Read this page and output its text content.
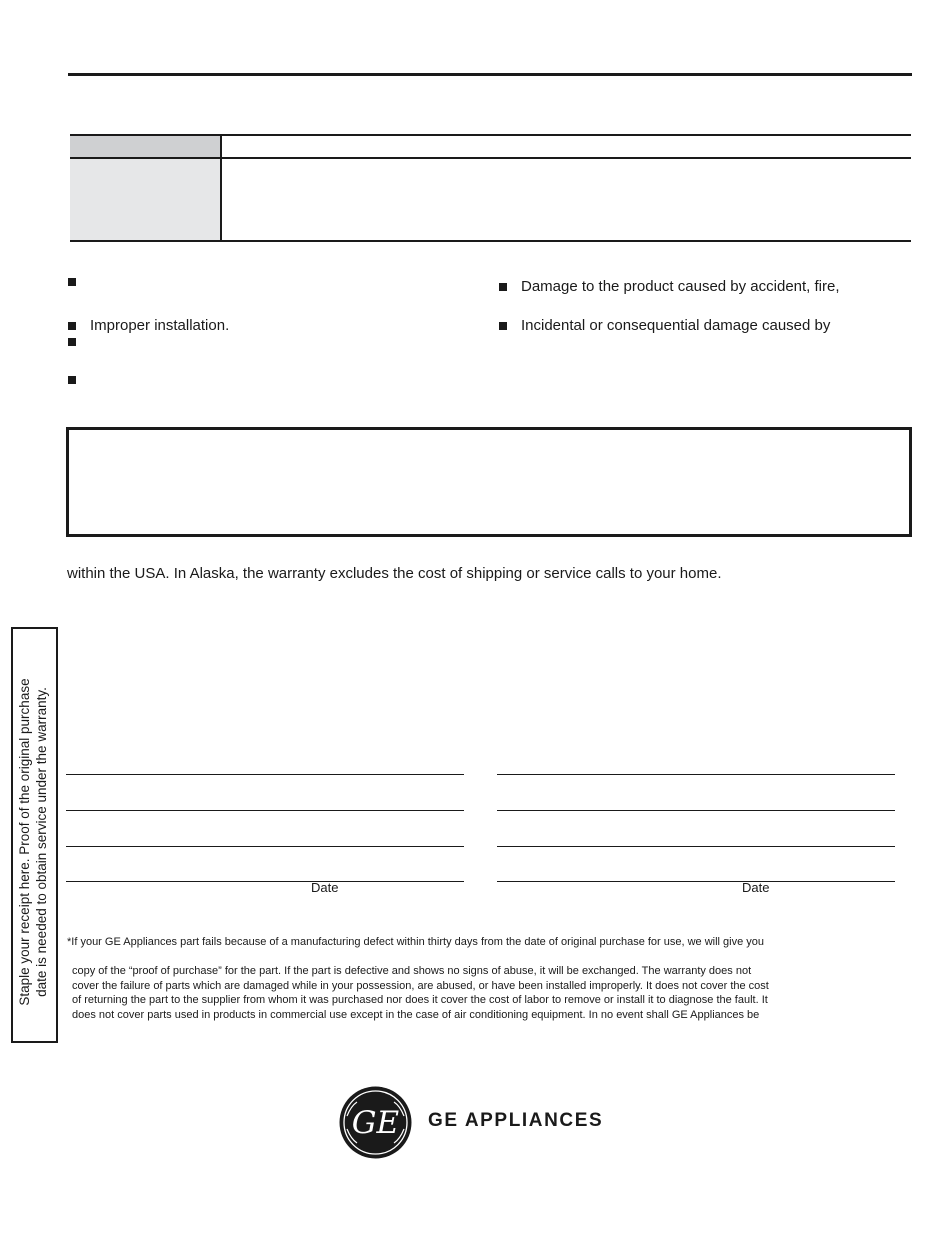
Improper installation.
Damage to the product caused by accident, fire,
Incidental or consequential damage caused by
within the USA. In Alaska, the warranty excludes the cost of shipping or service calls to your home.
Staple your receipt here. Proof of the original purchase date is needed to obtain service under the warranty.	Date	Date

*If your GE Appliances part fails because of a manufacturing defect within thirty days from the date of original purchase for use, we will give you

copy of the “proof of purchase” for the part. If the part is defective and shows no signs of abuse, it will be exchanged. The warranty does not

cover the failure of parts which are damaged while in your possession, are abused, or have been installed improperly. It does not cover the cost

of returning the part to the supplier from whom it was purchased nor does it cover the cost of labor to remove or install it to diagnose the fault. It

does not cover parts used in products in commercial use except in the case of air conditioning equipment. In no event shall GE Appliances be

GE GE APPLIANCES
